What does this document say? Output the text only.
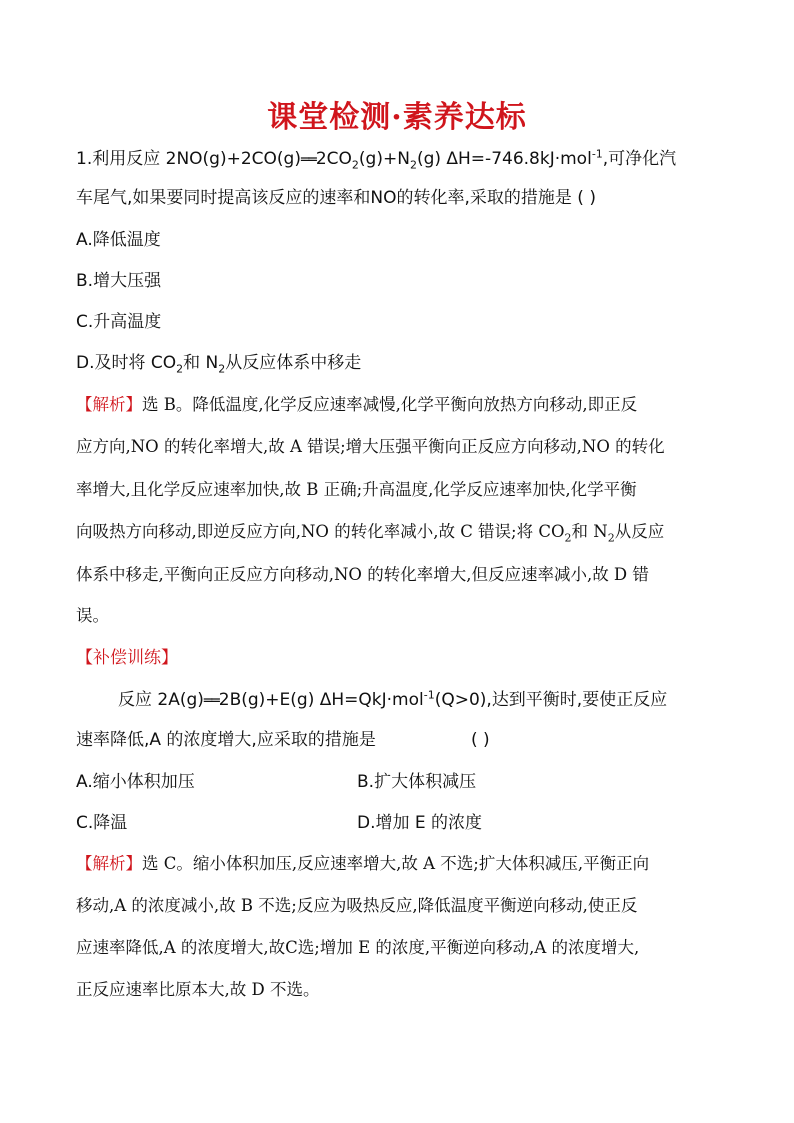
课堂检测·素养达标
1.利用反应 $2NO(g)+2CO(g)══2CO_2(g)+N_2(g)$ ΔH=-746.8kJ·mol$^{-1}$,可净化汽
车尾气,如果要同时提高该反应的速率和NO的转化率,采取的措施是 ( )
A.降低温度
B.增大压强
C.升高温度
D.及时将 $CO_2$和 $N_2$从反应体系中移走
【解析】选 B。降低温度,化学反应速率减慢,化学平衡向放热方向移动,即正反
应方向,NO 的转化率增大,故 A 错误;增大压强平衡向正反应方向移动,NO 的转化
率增大,且化学反应速率加快,故 B 正确;升高温度,化学反应速率加快,化学平衡
向吸热方向移动,即逆反应方向,NO 的转化率减小,故 C 错误;将 $CO_2$和 $N_2$从反应
体系中移走,平衡向正反应方向移动,NO 的转化率增大,但反应速率减小,故 D 错
误。
【补偿训练】
反应 2A(g)══2B(g)+E(g) ΔH=QkJ·mol$^{-1}$(Q>0),达到平衡时,要使正反应
速率降低,A 的浓度增大,应采取的措施是	( )
A.缩小体积加压	B.扩大体积减压
C.降温	D.增加 E 的浓度
【解析】选 C。缩小体积加压,反应速率增大,故 A 不选;扩大体积减压,平衡正向
移动,A 的浓度减小,故 B 不选;反应为吸热反应,降低温度平衡逆向移动,使正反
应速率降低,A 的浓度增大,故C选;增加 E 的浓度,平衡逆向移动,A 的浓度增大,
正反应速率比原本大,故 D 不选。
